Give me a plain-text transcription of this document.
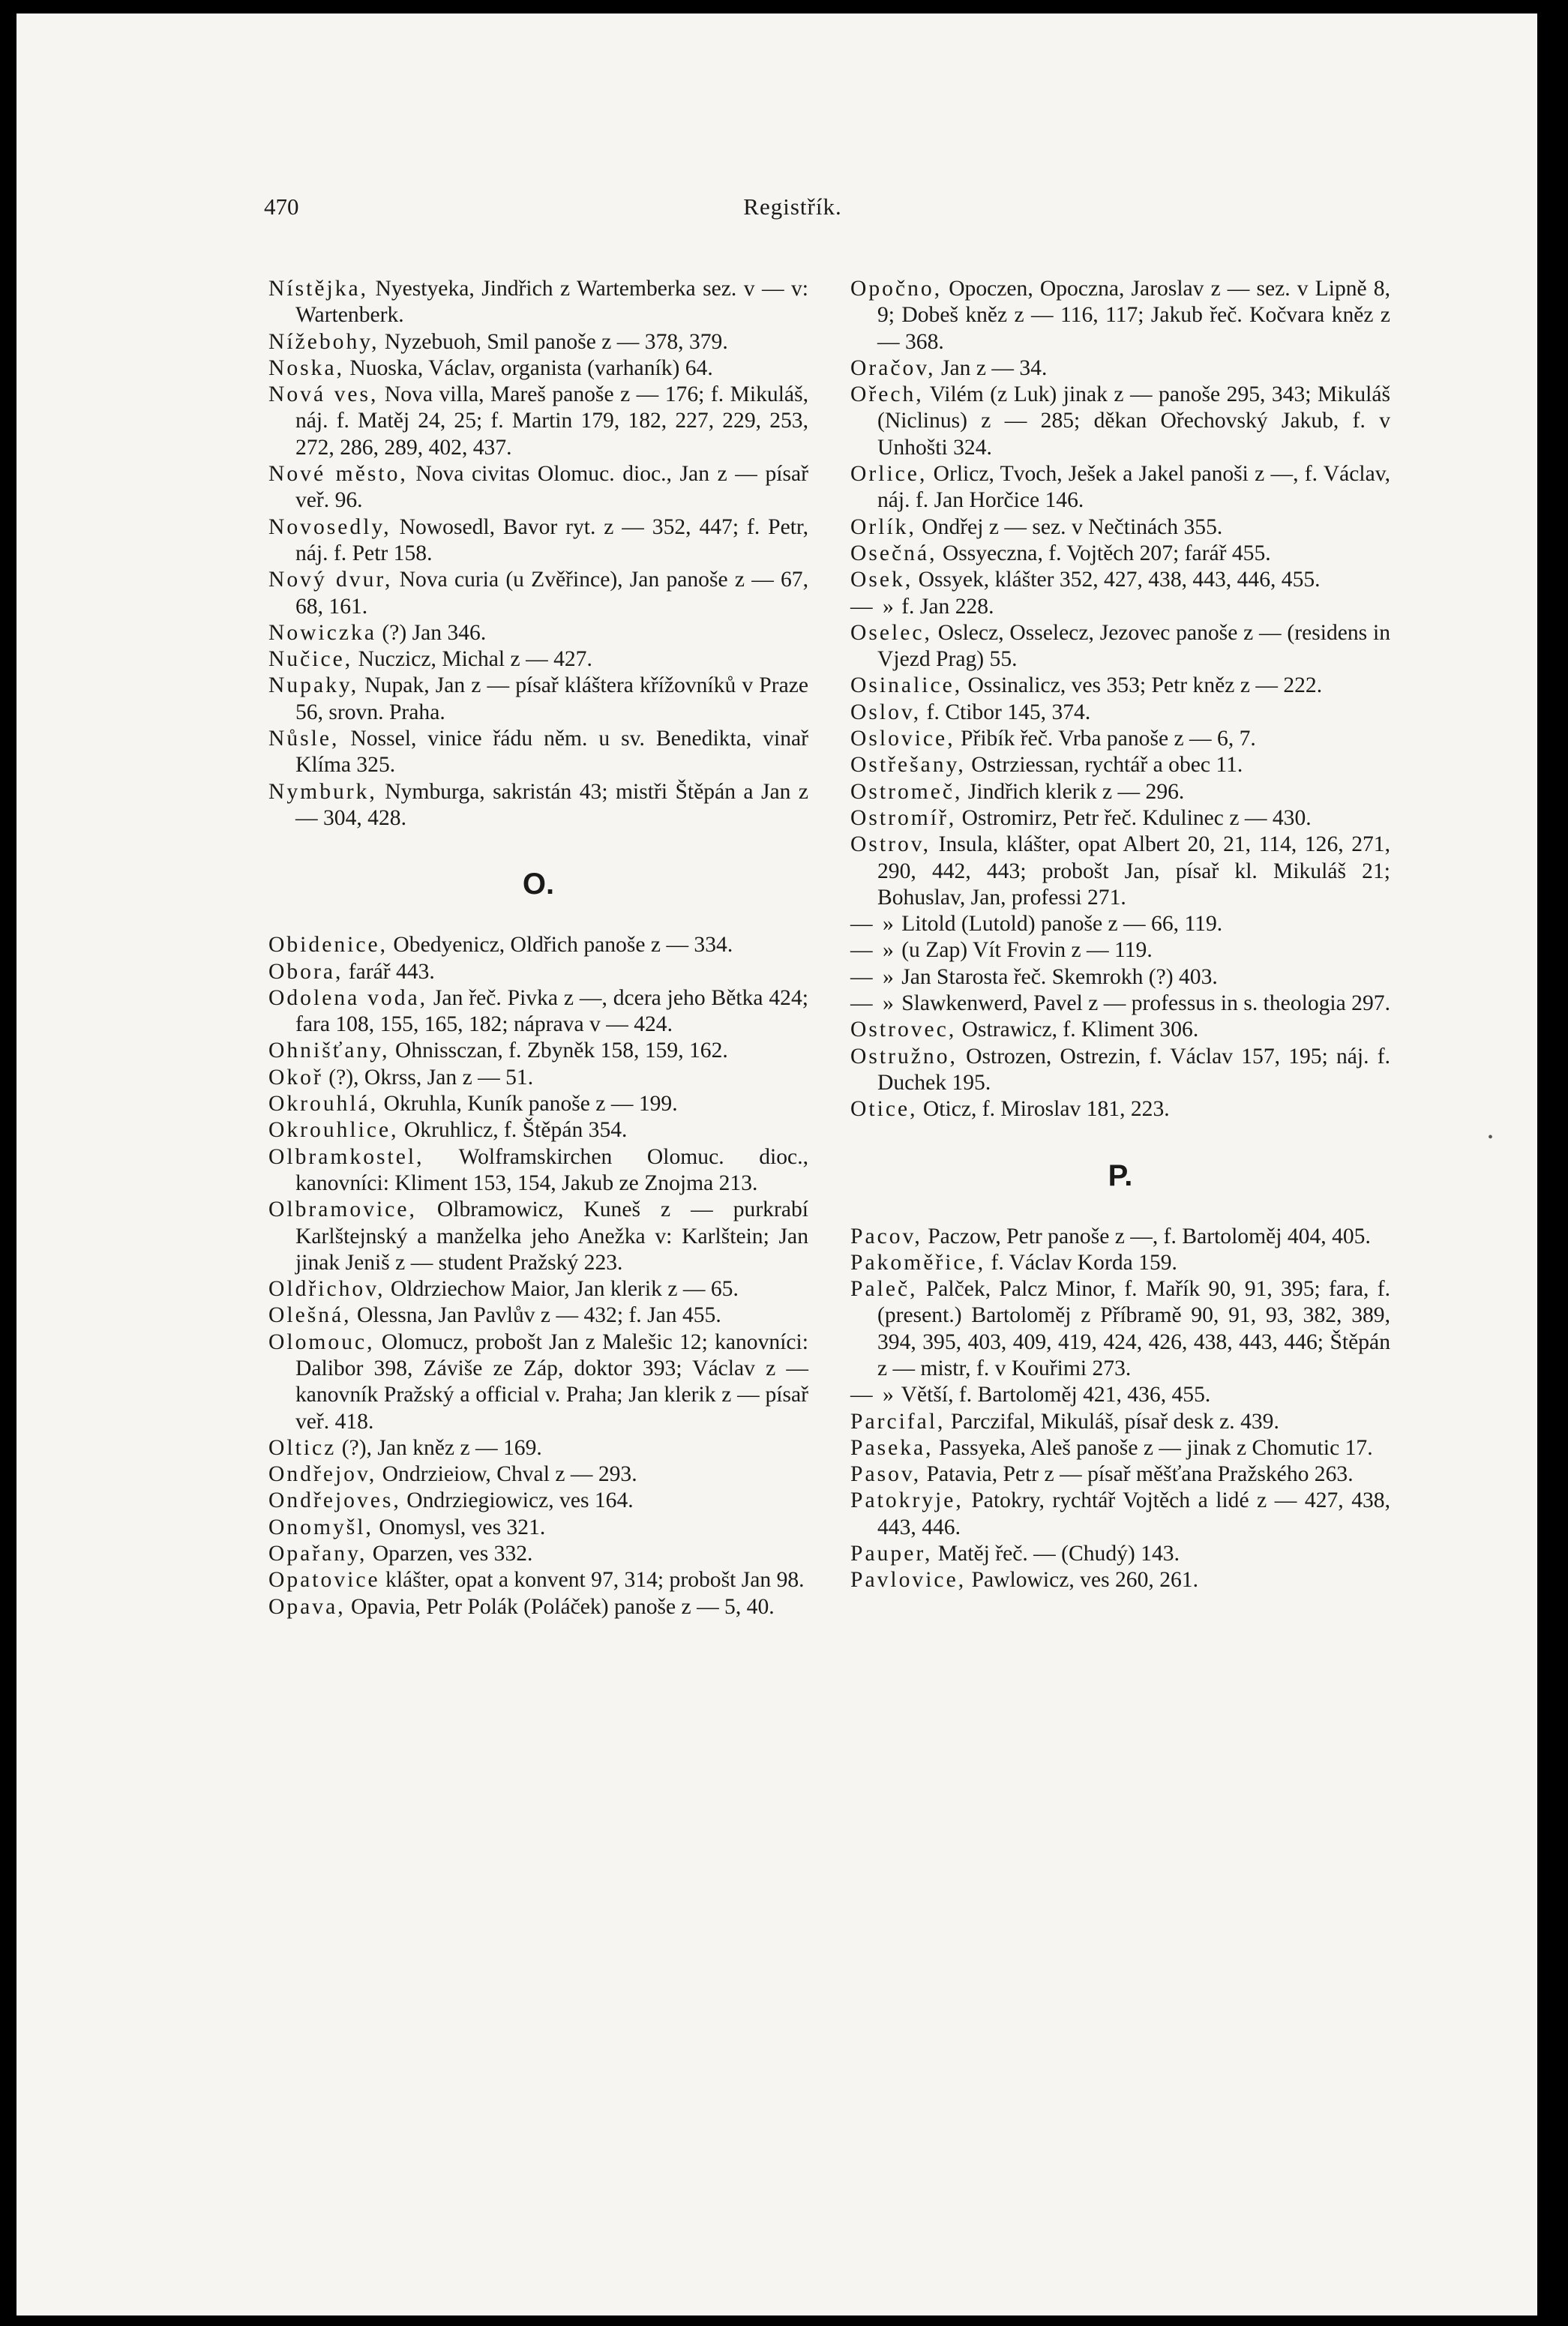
470	Registřík.

Nístějka, Nyestyeka, Jindřich z Wartemberka sez. v — v: Wartenberk.

Nížebohy, Nyzebuoh, Smil panoše z — 378, 379.

Noska, Nuoska, Václav, organista (varhaník) 64.

Nová ves, Nova villa, Mareš panoše z — 176; f. Mikuláš, náj. f. Matěj 24, 25; f. Martin 179, 182, 227, 229, 253, 272, 286, 289, 402, 437.

Nové město, Nova civitas Olomuc. dioc., Jan z — písař veř. 96.

Novosedly, Nowosedl, Bavor ryt. z — 352, 447; f. Petr, náj. f. Petr 158.

Nový dvur, Nova curia (u Zvěřince), Jan panoše z — 67, 68, 161.

Nowiczka (?) Jan 346.

Nučice, Nuczicz, Michal z — 427.

Nupaky, Nupak, Jan z — písař kláštera křížovníků v Praze 56, srovn. Praha.

Nůsle, Nossel, vinice řádu něm. u sv. Benedikta, vinař Klíma 325.

Nymburk, Nymburga, sakristán 43; mistři Štěpán a Jan z — 304, 428.

O.

Obidenice, Obedyenicz, Oldřich panoše z — 334.

Obora, farář 443.

Odolena voda, Jan řeč. Pivka z —, dcera jeho Bětka 424; fara 108, 155, 165, 182; náprava v — 424.

Ohnišťany, Ohnissczan, f. Zbyněk 158, 159, 162.

Okoř (?), Okrss, Jan z — 51.

Okrouhlá, Okruhla, Kuník panoše z — 199.

Okrouhlice, Okruhlicz, f. Štěpán 354.

Olbramkostel, Wolframskirchen Olomuc. dioc., kanovníci: Kliment 153, 154, Jakub ze Znojma 213.

Olbramovice, Olbramowicz, Kuneš z — purkrabí Karlštejnský a manželka jeho Anežka v: Karlštein; Jan jinak Jeniš z — student Pražský 223.

Oldřichov, Oldrziechow Maior, Jan klerik z — 65.

Olešná, Olessna, Jan Pavlův z — 432; f. Jan 455.

Olomouc, Olomucz, probošt Jan z Malešic 12; kanovníci: Dalibor 398, Záviše ze Záp, doktor 393; Václav z — kanovník Pražský a official v. Praha; Jan klerik z — písař veř. 418.

Olticz (?), Jan kněz z — 169.

Ondřejov, Ondrzieiow, Chval z — 293.

Ondřejoves, Ondrziegiowicz, ves 164.

Onomyšl, Onomysl, ves 321.

Opařany, Oparzen, ves 332.

Opatovice klášter, opat a konvent 97, 314; probošt Jan 98.

Opava, Opavia, Petr Polák (Poláček) panoše z — 5, 40.

Opočno, Opoczen, Opoczna, Jaroslav z — sez. v Lipně 8, 9; Dobeš kněz z — 116, 117; Jakub řeč. Kočvara kněz z — 368.

Oračov, Jan z — 34.

Ořech, Vilém (z Luk) jinak z — panoše 295, 343; Mikuláš (Niclinus) z — 285; děkan Ořechovský Jakub, f. v Unhošti 324.

Orlice, Orlicz, Tvoch, Ješek a Jakel panoši z —, f. Václav, náj. f. Jan Horčice 146.

Orlík, Ondřej z — sez. v Nečtinách 355.

Osečná, Ossyeczna, f. Vojtěch 207; farář 455.

Osek, Ossyek, klášter 352, 427, 438, 443, 446, 455.

— » f. Jan 228.

Oselec, Oslecz, Osselecz, Jezovec panoše z — (residens in Vjezd Prag) 55.

Osinalice, Ossinalicz, ves 353; Petr kněz z — 222.

Oslov, f. Ctibor 145, 374.

Oslovice, Přibík řeč. Vrba panoše z — 6, 7.

Ostřešany, Ostrziessan, rychtář a obec 11.

Ostromeč, Jindřich klerik z — 296.

Ostromíř, Ostromirz, Petr řeč. Kdulinec z — 430.

Ostrov, Insula, klášter, opat Albert 20, 21, 114, 126, 271, 290, 442, 443; probošt Jan, písař kl. Mikuláš 21; Bohuslav, Jan, professi 271.

— » Litold (Lutold) panoše z — 66, 119.

— » (u Zap) Vít Frovin z — 119.

— » Jan Starosta řeč. Skemrokh (?) 403.

— » Slawkenwerd, Pavel z — professus in s. theologia 297.

Ostrovec, Ostrawicz, f. Kliment 306.

Ostružno, Ostrozen, Ostrezin, f. Václav 157, 195; náj. f. Duchek 195.

Otice, Oticz, f. Miroslav 181, 223.

P.

Pacov, Paczow, Petr panoše z —, f. Bartoloměj 404, 405.

Pakoměřice, f. Václav Korda 159.

Paleč, Palček, Palcz Minor, f. Mařík 90, 91, 395; fara, f. (present.) Bartoloměj z Příbramě 90, 91, 93, 382, 389, 394, 395, 403, 409, 419, 424, 426, 438, 443, 446; Štěpán z — mistr, f. v Kouřimi 273.

— » Větší, f. Bartoloměj 421, 436, 455.

Parcifal, Parczifal, Mikuláš, písař desk z. 439.

Paseka, Passyeka, Aleš panoše z — jinak z Chomutic 17.

Pasov, Patavia, Petr z — písař měšťana Pražského 263.

Patokryje, Patokry, rychtář Vojtěch a lidé z — 427, 438, 443, 446.

Pauper, Matěj řeč. — (Chudý) 143.

Pavlovice, Pawlowicz, ves 260, 261.

•
